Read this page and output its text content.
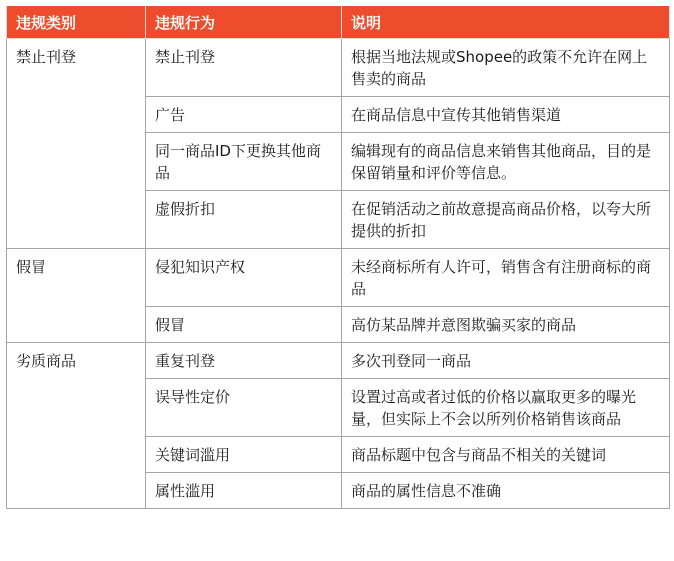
违规类别	违规行为	说明
禁止刊登	禁止刊登	根据当地法规或Shopee的政策不允许在网上售卖的商品
	广告	在商品信息中宣传其他销售渠道
	同一商品ID下更换其他商品	编辑现有的商品信息来销售其他商品，目的是保留销量和评价等信息。
	虚假折扣	在促销活动之前故意提高商品价格，以夸大所提供的折扣
假冒	侵犯知识产权	未经商标所有人许可，销售含有注册商标的商品
	假冒	高仿某品牌并意图欺骗买家的商品
劣质商品	重复刊登	多次刊登同一商品
	误导性定价	设置过高或者过低的价格以赢取更多的曝光量，但实际上不会以所列价格销售该商品
	关键词滥用	商品标题中包含与商品不相关的关键词
	属性滥用	商品的属性信息不准确
